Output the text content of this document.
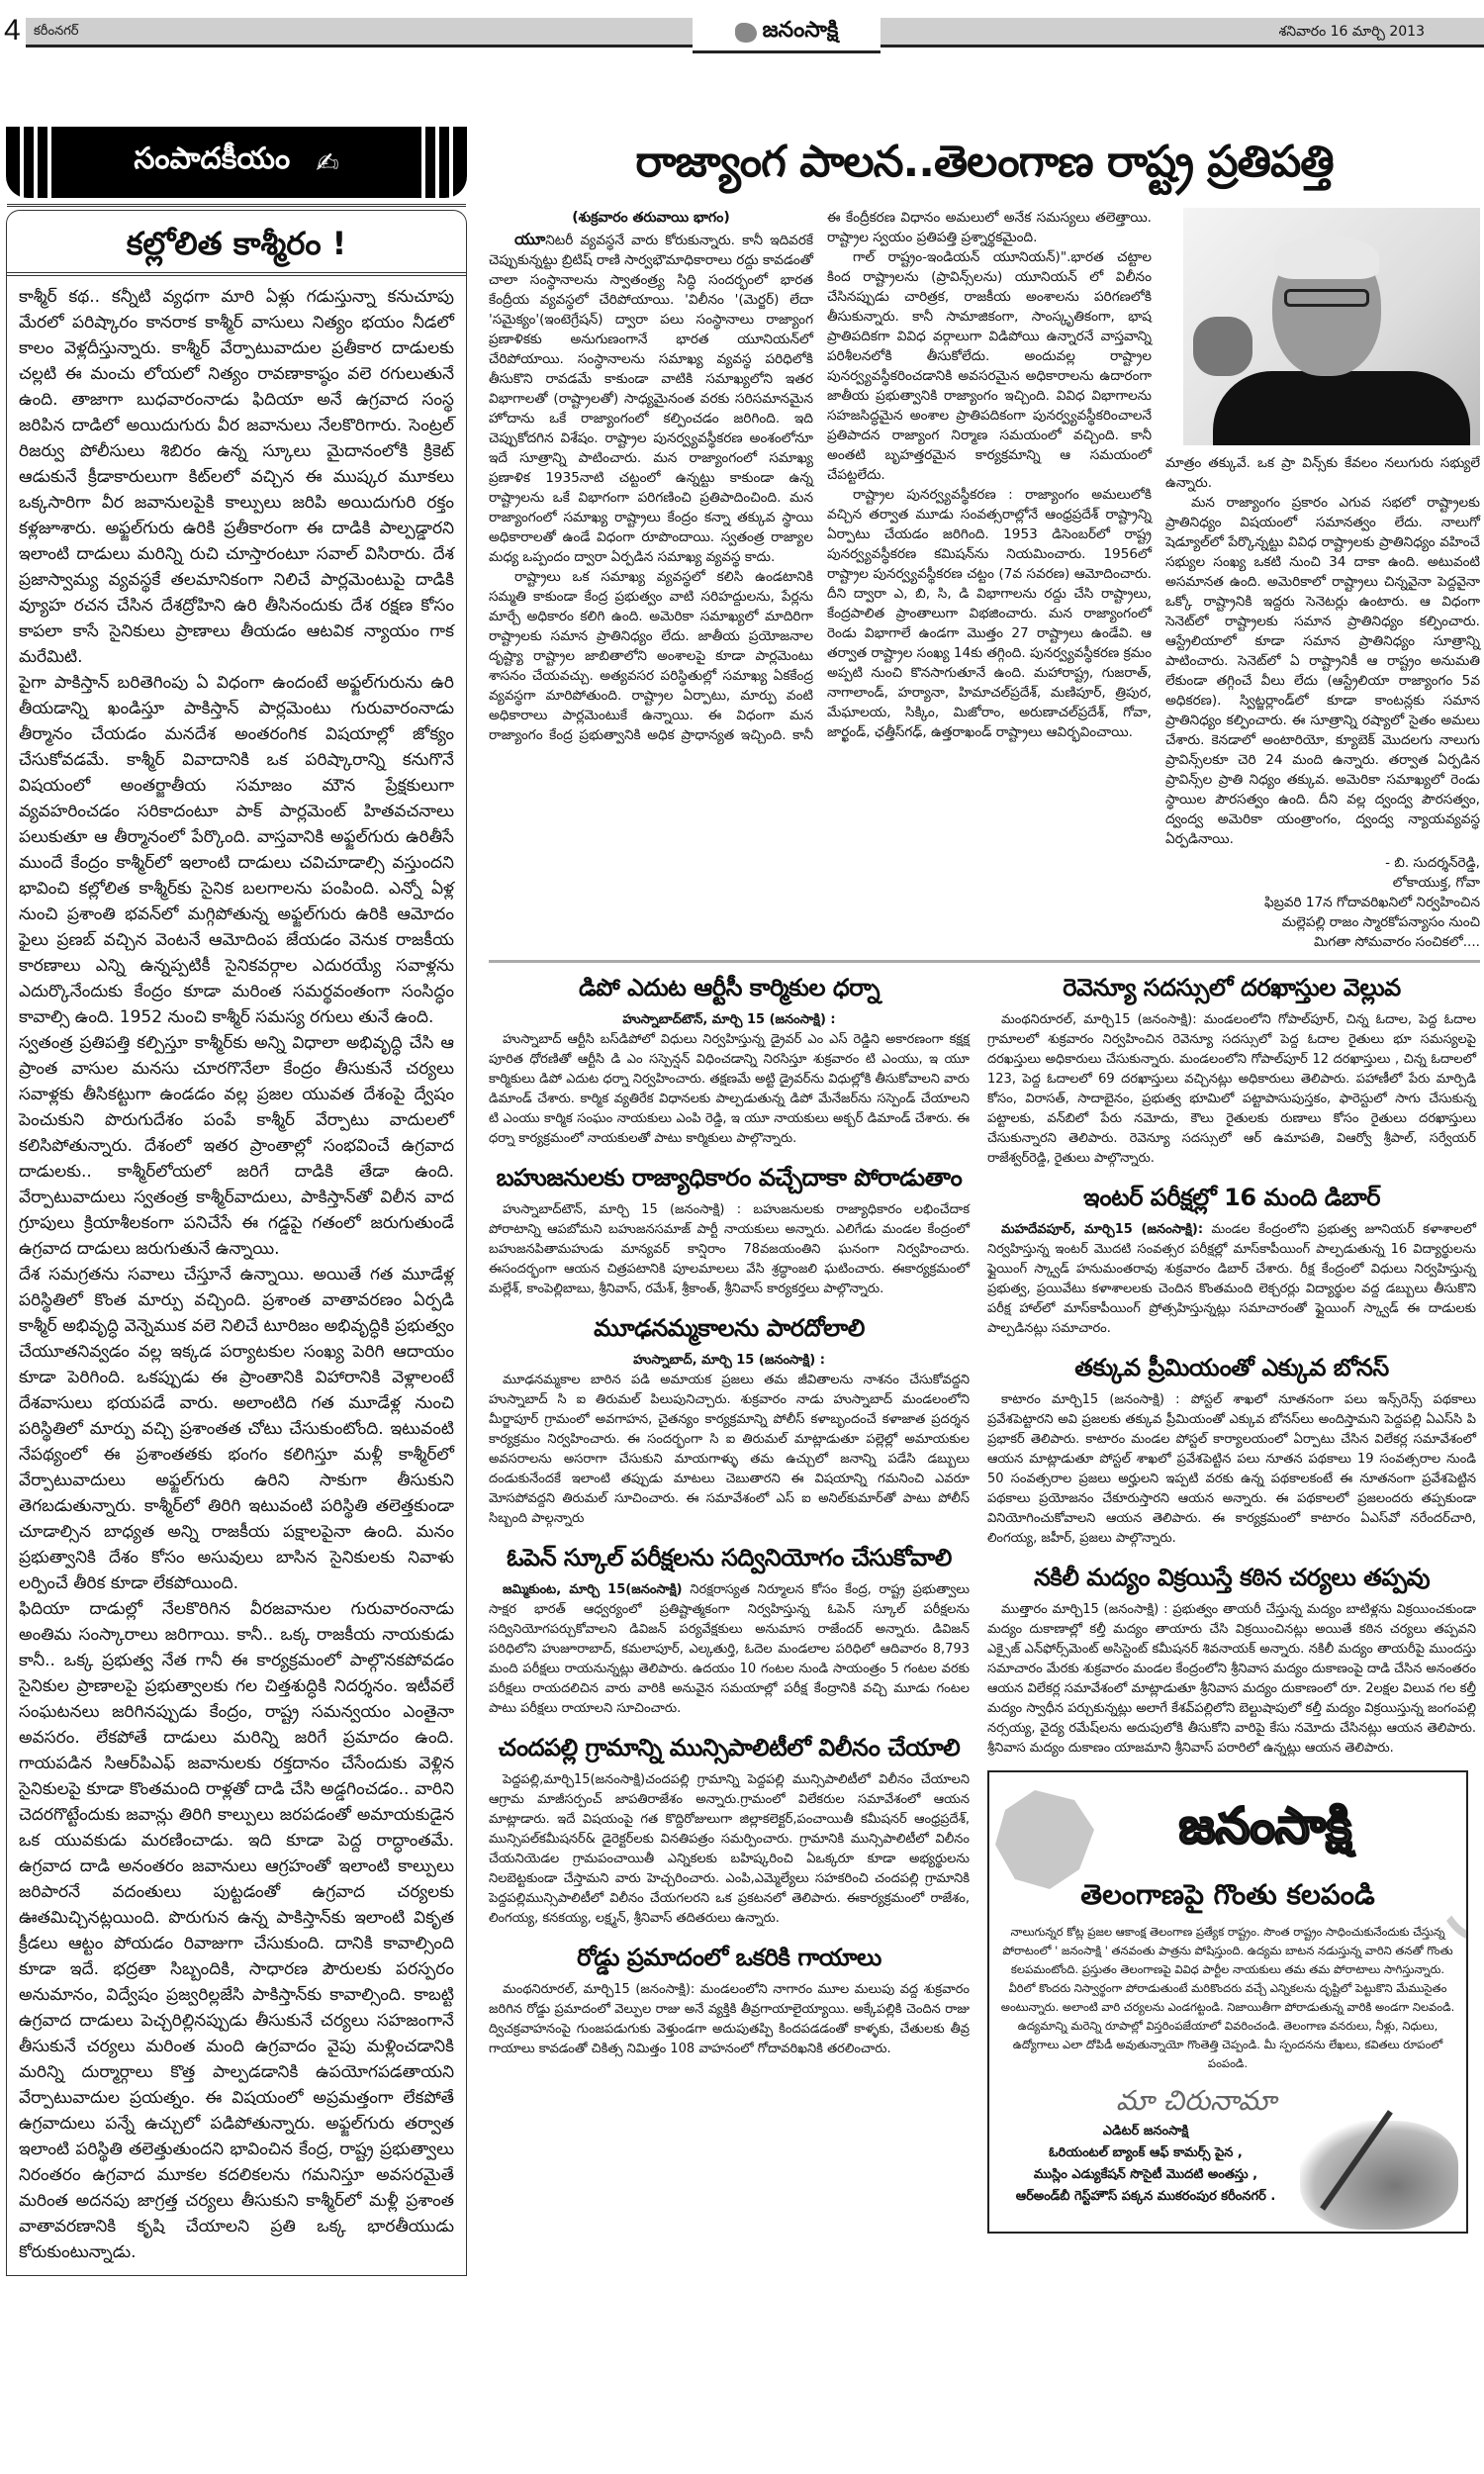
4 కరీంనగర్	జనంసాక్షి	శనివారం 16 మార్చి 2013
సంపాదకీయం ✍
కల్లోలిత కాశ్మీరం !

కాశ్మీర్ కథ.. కన్నీటి వ్యధగా మారి ఏళ్లు గడుస్తున్నా కనుచూపు మేరలో పరిష్కారం కానరాక కాశ్మీర్ వాసులు నిత్యం భయం నీడలో కాలం వెళ్లదీస్తున్నారు. కాశ్మీర్ వేర్పాటువాదుల ప్రతీకార దాడులకు చల్లటి ఈ మంచు లోయలో నిత్యం రావణాకాష్ఠం వలె రగులుతునే ఉంది. తాజాగా బుధవారంనాడు ఫిదియా అనే ఉగ్రవాద సంస్థ జరిపిన దాడిలో అయిదుగురు వీర జవానులు నేలకొరిగారు. సెంట్రల్ రిజర్వు పోలీసులు శిబిరం ఉన్న స్కూలు మైదానంలోకి క్రికెట్ ఆడుకునే క్రీడాకారులుగా కిట్‌లలో వచ్చిన ఈ ముష్కర మూకలు ఒక్కసారిగా వీర జవానులపైకి కాల్పులు జరిపి అయిదుగురి రక్తం కళ్లజూశారు. అఫ్జల్‌గురు ఉరికి ప్రతీకారంగా ఈ దాడికి పాల్పడ్డారని ఇలాంటి దాడులు మరిన్ని రుచి చూస్తారంటూ సవాల్ విసిరారు. దేశ ప్రజాస్వామ్య వ్యవస్థకే తలమానికంగా నిలిచే పార్లమెంటుపై దాడికి వ్యూహ రచన చేసిన దేశద్రోహిని ఉరి తీసినందుకు దేశ రక్షణ కోసం కాపలా కాసే సైనికులు ప్రాణాలు తీయడం ఆటవిక న్యాయం గాక మరేమిటి.

పైగా పాకిస్తాన్ బరితెగింపు ఏ విధంగా ఉందంటే అఫ్జల్‌గురును ఉరి తీయడాన్ని ఖండిస్తూ పాకిస్తాన్ పార్లమెంటు గురువారంనాడు తీర్మానం చేయడం మనదేశ అంతరంగిక విషయాల్లో జోక్యం చేసుకోవడమే. కాశ్మీర్ వివాదానికి ఒక పరిష్కారాన్ని కనుగొనే విషయంలో అంతర్జాతీయ సమాజం మౌన ప్రేక్షకులుగా వ్యవహరించడం సరికాదంటూ పాక్ పార్లమెంట్ హితవచనాలు పలుకుతూ ఆ తీర్మానంలో పేర్కొంది. వాస్తవానికి అఫ్జల్‌గురు ఉరితీసే ముందే కేంద్రం కాశ్మీర్‌లో ఇలాంటి దాడులు చవిచూడాల్సి వస్తుందని భావించి కల్లోలిత కాశ్మీర్‌కు సైనిక బలగాలను పంపింది. ఎన్నో ఏళ్ల నుంచి ప్రశాంతి భవన్‌లో మగ్గిపోతున్న అఫ్జల్‌గురు ఉరికి ఆమోదం ఫైలు ప్రణబ్ వచ్చిన వెంటనే ఆమోదింప జేయడం వెనుక రాజకీయ కారణాలు ఎన్ని ఉన్నప్పటికీ సైనికవర్గాల ఎదురయ్యే సవాళ్లను ఎదుర్కొనేందుకు కేంద్రం కూడా మరింత సమర్థవంతంగా సంసిద్ధం కావాల్సి ఉంది. 1952 నుంచి కాశ్మీర్ సమస్య రగులు తునే ఉంది.

స్వతంత్ర ప్రతిపత్తి కల్పిస్తూ కాశ్మీర్‌కు అన్ని విధాలా అభివృద్ధి చేసి ఆ ప్రాంత వాసుల మనసు చూరగొనేలా కేంద్రం తీసుకునే చర్యలు సవాళ్లకు తీసికట్టుగా ఉండడం వల్ల ప్రజల యువత దేశంపై ద్వేషం పెంచుకుని పొరుగుదేశం పంపే కాశ్మీర్ వేర్పాటు వాదులలో కలిసిపోతున్నారు. దేశంలో ఇతర ప్రాంతాల్లో సంభవించే ఉగ్రవాద దాడులకు.. కాశ్మీర్‌లోయలో జరిగే దాడికి తేడా ఉంది. వేర్పాటువాదులు స్వతంత్ర కాశ్మీర్‌వాదులు, పాకిస్తాన్‌తో విలీన వాద గ్రూపులు క్రియాశీలకంగా పనిచేసే ఈ గడ్డపై గతంలో జరుగుతుండే ఉగ్రవాద దాడులు జరుగుతునే ఉన్నాయి.

దేశ సమగ్రతను సవాలు చేస్తూనే ఉన్నాయి. అయితే గత మూడేళ్ల పరిస్థితిలో కొంత మార్పు వచ్చింది. ప్రశాంత వాతావరణం ఏర్పడి కాశ్మీర్ అభివృద్ధి వెన్నెముక వలె నిలిచే టూరిజం అభివృద్ధికి ప్రభుత్వం చేయూతనివ్వడం వల్ల ఇక్కడ పర్యాటకుల సంఖ్య పెరిగి ఆదాయం కూడా పెరిగింది. ఒకప్పుడు ఈ ప్రాంతానికి విహారానికి వెళ్లాలంటే దేశవాసులు భయపడే వారు. అలాంటిది గత మూడేళ్ల నుంచి పరిస్థితిలో మార్పు వచ్చి ప్రశాంతత చోటు చేసుకుంటోంది. ఇటువంటి నేపథ్యంలో ఈ ప్రశాంతతకు భంగం కలిగిస్తూ మళ్లీ కాశ్మీర్‌లో వేర్పాటువాదులు అఫ్జల్‌గురు ఉరిని సాకుగా తీసుకుని తెగబడుతున్నారు. కాశ్మీర్‌లో తిరిగి ఇటువంటి పరిస్థితి తలెత్తకుండా చూడాల్సిన బాధ్యత అన్ని రాజకీయ పక్షాలపైనా ఉంది. మనం ప్రభుత్వానికి దేశం కోసం అసువులు బాసిన సైనికులకు నివాళు లర్పించే తీరిక కూడా లేకపోయింది.

ఫిదియా దాడుల్లో నేలకొరిగిన వీరజవానుల గురువారంనాడు అంతిమ సంస్కారాలు జరిగాయి. కానీ.. ఒక్క రాజకీయ నాయకుడు కానీ.. ఒక్క ప్రభుత్వ నేత గానీ ఈ కార్యక్రమంలో పాల్గొనకపోవడం సైనికుల ప్రాణాలపై ప్రభుత్వాలకు గల చిత్తశుద్ధికి నిదర్శనం. ఇటీవలే సంఘటనలు జరిగినప్పుడు కేంద్రం, రాష్ట్ర సమన్వయం ఎంతైనా అవసరం. లేకపోతే దాడులు మరిన్ని జరిగే ప్రమాదం ఉంది. గాయపడిన సిఆర్‌పిఎఫ్ జవానులకు రక్తదానం చేసేందుకు వెళ్లిన సైనికులపై కూడా కొంతమంది రాళ్లతో దాడి చేసి అడ్డగించడం.. వారిని చెదరగొట్టేందుకు జవాన్లు తిరిగి కాల్పులు జరపడంతో అమాయకుడైన ఒక యువకుడు మరణించాడు. ఇది కూడా పెద్ద రాద్ధాంతమే. ఉగ్రవాద దాడి అనంతరం జవానులు ఆగ్రహంతో ఇలాంటి కాల్పులు జరిపారనే వదంతులు పుట్టడంతో ఉగ్రవాద చర్యలకు ఊతమిచ్చినట్లయింది. పొరుగున ఉన్న పాకిస్తాన్‌కు ఇలాంటి వికృత క్రీడలు ఆట్టం పోయడం రివాజుగా చేసుకుంది. దానికి కావాల్సింది కూడా ఇదే. భద్రతా సిబ్బందికి, సాధారణ పౌరులకు పరస్పరం అనుమానం, విద్వేషం ప్రజ్వరిల్లజేసి పాకిస్తాన్‌కు కావాల్సింది. కాబట్టి ఉగ్రవాద దాడులు పెచ్చరిల్లినప్పుడు తీసుకునే చర్యలు సహజంగానే తీసుకునే చర్యలు మరింత మంది ఉగ్రవాదం వైపు మళ్లించడానికి మరిన్ని దుర్మార్గాలు కొత్త పాల్పడడానికి ఉపయోగపడతాయని వేర్పాటువాదుల ప్రయత్నం. ఈ విషయంలో అప్రమత్తంగా లేకపోతే ఉగ్రవాదులు పన్నే ఉచ్చులో పడిపోతున్నారు. అఫ్జల్‌గురు తర్వాత ఇలాంటి పరిస్థితి తలెత్తుతుందని భావించిన కేంద్ర, రాష్ట్ర ప్రభుత్వాలు నిరంతరం ఉగ్రవాద మూకల కదలికలను గమనిస్తూ అవసరమైతే మరింత అదనపు జాగ్రత్త చర్యలు తీసుకుని కాశ్మీర్‌లో మళ్లీ ప్రశాంత వాతావరణానికి కృషి చేయాలని ప్రతి ఒక్క భారతీయుడు కోరుకుంటున్నాడు.

రాజ్యాంగ పాలన..తెలంగాణ రాష్ట్ర ప్రతిపత్తి
(శుక్రవారం తరువాయి భాగం)

యూనిటరీ వ్యవస్థనే వారు కోరుకున్నారు. కానీ ఇదివరకే చెప్పుకున్నట్టు బ్రిటిష్ రాణి సార్వభౌమాధికారాలు రద్దు కావడంతో చాలా సంస్థానాలను స్వాతంత్ర్య సిద్ధి సందర్భంలో భారత కేంద్రీయ వ్యవస్థలో చేరిపోయాయి. 'విలీనం '(మెర్జర్) లేదా 'సమైక్యం'(ఇంటెగ్రేషన్) ద్వారా పలు సంస్థానాలు రాజ్యాంగ ప్రణాళికకు అనుగుణంగానే భారత యూనియన్‌లో చేరిపోయాయి. సంస్థానాలను సమాఖ్య వ్యవస్థ పరిధిలోకి తీసుకొని రావడమే కాకుండా వాటికి సమాఖ్యలోని ఇతర విభాగాలతో (రాష్ట్రాలతో) సాధ్యమైనంత వరకు సరిసమానమైన హోదాను ఒకే రాజ్యాంగంలో కల్పించడం జరిగింది. ఇది చెప్పుకోదగిన విశేషం. రాష్ట్రాల పునర్వ్యవస్థీకరణ అంశంలోనూ ఇదే సూత్రాన్ని పాటించారు. మన రాజ్యాంగంలో సమాఖ్య ప్రణాళిక 1935నాటి చట్టంలో ఉన్నట్టు కాకుండా ఉన్న రాష్ట్రాలను ఒకే విభాగంగా పరిగణించి ప్రతిపాదించింది. మన రాజ్యాంగంలో సమాఖ్య రాష్ట్రాలు కేంద్రం కన్నా తక్కువ స్థాయి అధికారాలతో ఉండే విధంగా రూపొందాయి. స్వతంత్ర రాజ్యాల మధ్య ఒప్పందం ద్వారా ఏర్పడిన సమాఖ్య వ్యవస్థ కాదు.

రాష్ట్రాలు ఒక సమాఖ్య వ్యవస్థలో కలిసి ఉండటానికి సమ్మతి కాకుండా కేంద్ర ప్రభుత్వం వాటి సరిహద్దులను, పేర్లను మార్చే అధికారం కలిగి ఉంది. అమెరికా సమాఖ్యలో మాదిరిగా రాష్ట్రాలకు సమాన ప్రాతినిధ్యం లేదు. జాతీయ ప్రయోజనాల దృష్ట్యా రాష్ట్రాల జాబితాలోని అంశాలపై కూడా పార్లమెంటు శాసనం చేయవచ్చు. అత్యవసర పరిస్థితుల్లో సమాఖ్య ఏకకేంద్ర వ్యవస్థగా మారిపోతుంది. రాష్ట్రాల ఏర్పాటు, మార్పు వంటి అధికారాలు పార్లమెంటుకే ఉన్నాయి. ఈ విధంగా మన రాజ్యాంగం కేంద్ర ప్రభుత్వానికి అధిక ప్రాధాన్యత ఇచ్చింది. కానీ ఈ కేంద్రీకరణ విధానం అమలులో అనేక సమస్యలు తలెత్తాయి. రాష్ట్రాల స్వయం ప్రతిపత్తి ప్రశ్నార్థకమైంది.

గాల్ రాష్ట్రం-ఇండియన్ యూనియన్)".భారత చట్టాల కింద రాష్ట్రాలను (ప్రావిన్స్‌లను) యూనియన్ లో విలీనం చేసినప్పుడు చారిత్రక, రాజకీయ అంశాలను పరిగణలోకి తీసుకున్నారు. కానీ సామాజికంగా, సాంస్కృతికంగా, భాష ప్రాతిపదికగా వివిధ వర్గాలుగా విడిపోయి ఉన్నారనే వాస్తవాన్ని పరిశీలనలోకి తీసుకోలేదు. అందువల్ల రాష్ట్రాల పునర్వ్యవస్థీకరించడానికి అవసరమైన అధికారాలను ఉదారంగా జాతీయ ప్రభుత్వానికి రాజ్యాంగం ఇచ్చింది. వివిధ విభాగాలను సహజసిద్ధమైన అంశాల ప్రాతిపదికంగా పునర్వ్యవస్థీకరించాలనే ప్రతిపాదన రాజ్యాంగ నిర్మాణ సమయంలో వచ్చింది. కానీ అంతటి బృహత్తరమైన కార్యక్రమాన్ని ఆ సమయంలో చేపట్టలేదు.

రాష్ట్రాల పునర్వ్యవస్థీకరణ : రాజ్యాంగం అమలులోకి వచ్చిన తర్వాత మూడు సంవత్సరాల్లోనే ఆంధ్రప్రదేశ్ రాష్ట్రాన్ని ఏర్పాటు చేయడం జరిగింది. 1953 డిసెంబర్‌లో రాష్ట్ర పునర్వ్యవస్థీకరణ కమిషన్‌ను నియమించారు. 1956లో రాష్ట్రాల పునర్వ్యవస్థీకరణ చట్టం (7వ సవరణ) ఆమోదించారు. దీని ద్వారా ఎ, బి, సి, డి విభాగాలను రద్దు చేసి రాష్ట్రాలు, కేంద్రపాలిత ప్రాంతాలుగా విభజించారు. మన రాజ్యాంగంలో రెండు విభాగాలే ఉండగా మొత్తం 27 రాష్ట్రాలు ఉండేవి. ఆ తర్వాత రాష్ట్రాల సంఖ్య 14కు తగ్గింది. పునర్వ్యవస్థీకరణ క్రమం అప్పటి నుంచి కొనసాగుతూనే ఉంది. మహారాష్ట్ర, గుజరాత్, నాగాలాండ్, హర్యానా, హిమాచల్‌ప్రదేశ్, మణిపూర్, త్రిపుర, మేఘాలయ, సిక్కిం, మిజోరాం, అరుణాచల్‌ప్రదేశ్, గోవా, జార్ఖండ్, ఛత్తీస్‌గఢ్, ఉత్తరాఖండ్ రాష్ట్రాలు ఆవిర్భవించాయి.

మాత్రం తక్కువే. ఒక ప్రా విన్స్‌కు కేవలం నలుగురు సభ్యులే ఉన్నారు.

మన రాజ్యాంగం ప్రకారం ఎగువ సభలో రాష్ట్రాలకు ప్రాతినిధ్యం విషయంలో సమానత్వం లేదు. నాలుగో షెడ్యూల్‌లో పేర్కొన్నట్టు వివిధ రాష్ట్రాలకు ప్రాతినిధ్యం వహించే సభ్యుల సంఖ్య ఒకటి నుంచి 34 దాకా ఉంది. అటువంటి అసమానత ఉంది. అమెరికాలో రాష్ట్రాలు చిన్నవైనా పెద్దవైనా ఒక్కో రాష్ట్రానికి ఇద్దరు సెనెటర్లు ఉంటారు. ఆ విధంగా సెనెట్‌లో రాష్ట్రాలకు సమాన ప్రాతినిధ్యం కల్పించారు. ఆస్ట్రేలియాలో కూడా సమాన ప్రాతినిధ్యం సూత్రాన్ని పాటించారు. సెనెట్‌లో ఏ రాష్ట్రానికీ ఆ రాష్ట్రం అనుమతి లేకుండా తగ్గించే వీలు లేదు (ఆస్ట్రేలియా రాజ్యాంగం 5వ అధికరణ). స్విట్జర్లాండ్‌లో కూడా కాంటన్లకు సమాన ప్రాతినిధ్యం కల్పించారు. ఈ సూత్రాన్ని రష్యాలో సైతం అమలు చేశారు. కెనడాలో అంటారియో, క్యూబెక్ మొదలగు నాలుగు ప్రావిన్స్‌లకూ చెరి 24 మంది ఉన్నారు. తర్వాత ఏర్పడిన ప్రావిన్స్‌ల ప్రాతి నిధ్యం తక్కువ. అమెరికా సమాఖ్యలో రెండు స్థాయిల పౌరసత్వం ఉంది. దీని వల్ల ద్వంద్వ పౌరసత్వం, ద్వంద్వ అమెరికా యంత్రాంగం, ద్వంద్వ న్యాయవ్యవస్థ ఏర్పడినాయి.

- బి. సుదర్శన్‌రెడ్డి,
లోకాయుక్త, గోవా
ఫిబ్రవరి 17న గోదావరిఖనిలో నిర్వహించిన
మల్లెపల్లి రాజం స్మారకోపన్యాసం నుంచి
మిగతా సోమవారం సంచికలో....
డిపో ఎదుట ఆర్టీసీ కార్మికుల ధర్నా
హుస్నాబాద్‌టౌన్, మార్చి 15 (జనంసాక్షి) :

హుస్నాబాద్ ఆర్టీసి బస్‌డిపోలో విధులు నిర్వహిస్తున్న డ్రైవర్ ఎం ఎస్ రెడ్డిని అకారణంగా కక్షక్ష పూరిత ధోరణితో ఆర్టీసి డి ఎం సస్పెన్షన్ విధించడాన్ని నిరసిస్తూ శుక్రవారం టి ఎంయు, ఇ యూ కార్మికులు డిపో ఎదుట ధర్నా నిర్వహించారు. తక్షణమే అట్టి డ్రైవర్‌ను విధుల్లోకి తీసుకోవాలని వారు డిమాండ్ చేశారు. కార్మిక వ్యతిరేక విధానలకు పాల్పడుతున్న డిపో మేనేజర్‌ను సస్పెండ్ చేయాలని టి ఎంయు కార్మిక సంఘం నాయకులు ఎంపి రెడ్డి, ఇ యూ నాయకులు అక్బర్ డిమాండ్ చేశారు. ఈ ధర్నా కార్యక్రమంలో నాయకులతో పాటు కార్మికులు పాల్గొన్నారు.

బహుజనులకు రాజ్యాధికారం వచ్చేదాకా పోరాడుతాం

హుస్నాబాద్‌టౌన్, మార్చి 15 (జనంసాక్షి) : బహుజనులకు రాజ్యాధికారం లభించేదాక పోరాటాన్ని ఆపబోమని బహుజనసమాజ్ పార్టీ నాయకులు అన్నారు. ఎలిగేడు మండల కేంద్రంలో బహుజనపితామహుడు మాన్యవర్ కాన్షిరాం 78వజయంతిని ఘనంగా నిర్వహించారు. ఈసందర్భంగా ఆయన చిత్రపటానికి పూలమాలలు వేసి శ్రద్ధాంజలి ఘటించారు. ఈకార్యక్రమంలో మల్లేశ్, కాంపెల్లిబాబు, శ్రీనివాస్, రమేశ్, శ్రీకాంత్, శ్రీనివాస్ కార్యకర్తలు పాల్గొన్నారు.

మూఢనమ్మకాలను పారదోలాలి
హుస్నాబాద్, మార్చి 15 (జనంసాక్షి) :

మూఢనమ్మకాల బారిన పడి అమాయక ప్రజలు తమ జీవితాలను నాశనం చేసుకోవద్దని హుస్నాబాద్ సి ఐ తిరుమల్ పిలుపునిచ్చారు. శుక్రవారం నాడు హుస్నాబాద్ మండలంలోని మీర్జాపూర్ గ్రామంలో అవగాహన, చైతన్యం కార్యక్రమాన్ని పోలీస్ కళాబృందంచే కళాజాత ప్రదర్శన కార్యక్రమం నిర్వహించారు. ఈ సందర్భంగా సి ఐ తిరుమల్ మాట్లాడుతూ పల్లెల్లో అమాయకుల అవసరాలను అసరాగా చేసుకుని మాయగాళ్ళు తమ ఉచ్చులో జనాన్ని పడేసి డబ్బులు దండుకునేందకే ఇలాంటి తప్పుడు మాటలు చెబుతారని ఈ విషయాన్ని గమనించి ఎవరూ మోసపోవద్దని తిరుమల్ సూచించారు. ఈ సమావేశంలో ఎస్ ఐ అనిల్‌కుమార్‌తో పాటు పోలీస్ సిబ్బంది పాల్గన్నారు

ఓపెన్ స్కూల్ పరీక్షలను సద్వినియోగం చేసుకోవాలి

జమ్మికుంట, మార్చి 15(జనంసాక్షి) నిరక్షరాస్యత నిర్మూలన కోసం కేంద్ర, రాష్ట్ర ప్రభుత్వాలు సాక్షర భారత్ ఆధ్వర్యంలో ప్రతిష్టాత్మకంగా నిర్వహిస్తున్న ఓపెన్ స్కూల్ పరీక్షలను సద్వినియోగపర్చుకోవాలని డివిజన్ పర్యవేక్షకులు అనుమాస రాజేందర్ అన్నారు. డివిజన్ పరిధిలోని హుజూరాబాద్, కమలాపూర్, ఎల్కతుర్తి, ఓదెల మండలాల పరిధిలో ఆదివారం 8,793 మంది పరీక్షలు రాయనున్నట్లు తెలిపారు. ఉదయం 10 గంటల నుండి సాయంత్రం 5 గంటల వరకు పరీక్షలు రాయదలిచిన వారు వారికి అనువైన సమయాల్లో పరీక్ష కేంద్రానికి వచ్చి మూడు గంటల పాటు పరీక్షలు రాయాలని సూచించారు.

చందపల్లి గ్రామాన్ని మున్సిపాలిటీలో విలీనం చేయాలి

పెద్దపల్లి,మార్చి15(జనంసాక్షి)చందపల్లి గ్రామాన్ని పెద్దపల్లి మున్సిపాలిటీలో విలీనం చేయాలని ఆగ్రామ మాజీసర్పంచ్ జాపతిరాజేశం అన్నారు.గ్రామంలో విలేకరుల సమావేశంలో ఆయన మాట్లాడారు. ఇదే విషయంపై గత కొద్దిరోజులుగా జిల్లాకలెక్టర్,పంచాయితీ కమీషనర్ ఆంధ్రప్రదేశ్, మున్సిపల్‌కమీషనర్& డైరెక్టర్‌లకు వినతిపత్రం సమర్పించారు. గ్రామానికి మున్సిపాలిటీలో విలీనం చేయనియెడల గ్రామపంచాయితీ ఎన్నికలకు బహిష్కరించి ఏఒక్కరూ కూడా అభ్యర్థులను నిలబెట్టకుండా చేస్తామని వారు హెచ్చరించారు. ఎంపి,ఎమ్మెల్యేలు సహకరించి చందపల్లి గ్రామానికి పెద్దపల్లిమున్సిపాలిటీలో విలీనం చేయగలరని ఒక ప్రకటనలో తెలిపారు. ఈకార్యక్రమంలో రాజేశం, లింగయ్య, కనకయ్య, లక్ష్మన్, శ్రీనివాస్ తదితరులు ఉన్నారు.

రోడ్డు ప్రమాదంలో ఒకరికి గాయాలు

మంథనిరూరల్, మార్చి15 (జనంసాక్షి): మండలంలోని నాగారం మూల మలుపు వద్ద శుక్రవారం జరిగిన రోడ్డు ప్రమాదంలో వెల్పుల రాజు అనే వ్యక్తికి తీవ్రగాయాలైయ్యాయి. అక్కేపల్లికి చెందిన రాజు ద్విచక్రవాహనంపై గుంజపడుగుకు వెళ్తుండగా అదుపుతప్పి కిందపడడంతో కాళ్ళకు, చేతులకు తీవ్ర గాయాలు కావడంతో చికిత్స నిమిత్తం 108 వాహనంలో గోదావరిఖనికి తరలించారు.

రెవెన్యూ సదస్సులో దరఖాస్తుల వెల్లువ

మంథనిరూరల్, మార్చి15 (జనంసాక్షి): మండలంలోని గోపాల్‌పూర్, చిన్న ఓదాల, పెద్ద ఓదాల గ్రామాలలో శుక్రవారం నిర్వహించిన రెవెన్యూ సదస్సులో పెద్ద ఓదాల రైతులు భూ సమస్యలపై దరఖస్తులు అధికారులు చేసుకున్నారు. మండలంలోని గోపాల్‌పూర్ 12 దరఖాస్తులు , చిన్న ఓదాలలో 123, పెద్ద ఓదాలలో 69 దరఖాస్తులు వచ్చినట్లు అధికారులు తెలిపారు. పహాణీలో పేరు మార్పిడి కోసం, విరాసత్, సాదాబైనం, ప్రభుత్వ భూమిలో పట్టాపాసుపుస్తకం, ఫారెస్టులో సాగు చేసుకున్న పట్టాలకు, వన్‌బిలో పేరు నమోదు, కౌలు రైతులకు రుణాలు కోసం రైతులు దరఖాస్తులు చేసుకున్నారని తెలిపారు. రెవెన్యూ సదస్సులో ఆర్ ఉమాపతి, విఆర్వో శ్రీపాల్, సర్వేయర్ రాజేశ్వర్‌రెడ్డి, రైతులు పాల్గొన్నారు.

ఇంటర్ పరీక్షల్లో 16 మంది డిబార్

మహదేవపూర్, మార్చి15 (జనంసాక్షి): మండల కేంద్రంలోని ప్రభుత్వ జూనియర్ కళాశాలలో నిర్వహిస్తున్న ఇంటర్ మొదటి సంవత్సర పరీక్షల్లో మాస్‌కాపీయింగ్ పాల్పడుతున్న 16 విద్యార్థులను ఫ్లైయింగ్ స్క్వాడ్ హనుమంతరావు శుక్రవారం డిబార్ చేశారు. రీక్ష కేంద్రంలో విధులు నిర్వహిస్తున్న ప్రభుత్వ, ప్రయివేటు కళాశాలలకు చెందిన కొంతమంది లెక్చరర్లు విద్యార్థుల వద్ద డబ్బులు తీసుకొని పరీక్ష హాల్‌లో మాస్‌కాపీయింగ్ ప్రోత్సహిస్తున్నట్లు సమాచారంతో ఫ్లైయింగ్ స్క్వాడ్ ఈ దాడులకు పాల్పడినట్లు సమాచారం.

తక్కువ ప్రీమియంతో ఎక్కువ బోనస్

కాటారం మార్చి15 (జనంసాక్షి) : పోస్టల్ శాఖలో నూతనంగా పలు ఇన్స్‌రెన్స్ పథకాలు ప్రవేశపెట్టారని అవి ప్రజలకు తక్కువ ప్రీమియంతో ఎక్కువ బోనస్‌లు అందిస్తామని పెద్దపల్లి ఏఎస్‌సి పి ప్రభాకర్ తెలిపారు. కాటారం మండల పోస్టల్ కార్యాలయంలో ఏర్పాటు చేసిన విలేకర్ల సమావేశంలో ఆయన మాట్లాడుతూ పోస్టల్ శాఖలో ప్రవేశపెట్టిన పలు నూతన పథకాలు 19 సంవత్సరాల నుండి 50 సంవత్సరాల ప్రజలు అర్హులని ఇప్పటి వరకు ఉన్న పథకాలకంటే ఈ నూతనంగా ప్రవేశపెట్టిన పథకాలు ప్రయోజనం చేకూరుస్తారని ఆయన అన్నారు. ఈ పథకాలలో ప్రజలందరు తప్పకుండా వినియోగించుకోవాలని ఆయన తెలిపారు. ఈ కార్యక్రమంలో కాటారం ఏఎస్‌వో నరేందర్‌చారి, లింగయ్య, జహీర్, ప్రజలు పాల్గొన్నారు.

నకిలీ మద్యం విక్రయిస్తే కఠిన చర్యలు తప్పవు

ముత్తారం మార్చి15 (జనంసాక్షి) : ప్రభుత్వం తాయరీ చేస్తున్న మద్యం బాటిళ్లను విక్రయించకుండా మద్యం దుకాణాల్లో కల్తీ మద్యం తాయారు చేసి విక్రయించినట్లు అయితే కఠిన చర్యలు తప్పవని ఎక్సైజ్ ఎన్‌ఫోర్స్‌మెంట్ అసిస్టెంట్ కమీషనర్ శివనాయక్ అన్నారు. నకిలీ మద్యం తాయరీపై ముందస్తు సమాచారం మేరకు శుక్రవారం మండల కేంద్రంలోని శ్రీనివాస మద్యం దుకాణంపై దాడి చేసిన అనంతరం ఆయన విలేకర్ల సమావేశంలో మాట్లాడుతూ శ్రీనివాస మద్యం దుకాణంలో రూ. 2లక్షల విలువ గల కల్తీ మద్యం స్వాధీన పర్చుకున్నట్లు అలాగే కేశవ్‌పల్లిలోని బెల్టుషాపులో కల్తీ మద్యం విక్రయిస్తున్న జంగంపల్లి నర్సయ్య, వైద్య రమేష్‌లను అదుపులోకి తీసుకోని వారిపై కేసు నమోదు చేసినట్లు ఆయన తెలిపారు. శ్రీనివాస మద్యం దుకాణం యాజమాని శ్రీనివాస్ పరారిలో ఉన్నట్లు ఆయన తెలిపారు.

జనంసాక్షి
తెలంగాణపై గొంతు కలపండి
నాలుగున్నర కోట్ల ప్రజల ఆకాంక్ష తెలంగాణ ప్రత్యేక రాష్ట్రం. సొంత రాష్ట్రం సాధించుకునేందుకు చేస్తున్న పోరాటంలో ' జనంసాక్షి ' తనవంతు పాత్రను పోషిస్తుంది. ఉద్యమ బాటన నడుస్తున్న వారిని తనతో గొంతు కలపమంటోంది. ప్రస్తుతం తెలంగాణపై వివిధ పార్టీల నాయకులు తమ తమ పోరాటాలు సాగిస్తున్నారు. వీరిలో కొందరు నిస్వార్థంగా పోరాడుతుంటే మరికొందరు వచ్చే ఎన్నికలను దృష్టిలో పెట్టుకొని మేముసైతం అంటున్నారు. అలాంటి వారి చర్యలను ఎండగట్టండి. నిజాయితీగా పోరాడుతున్న వారికి అండగా నిలవండి. ఉద్యమాన్ని మరెన్ని రూపాల్లో విస్తరింపజేయాలో వివరించండి. తెలంగాణ వనరులు, నీళ్లు, నిధులు, ఉద్యోగాలు ఎలా దోపిడీ అవుతున్నాయో గొంతెత్తి చెప్పండి. మీ స్పందనను లేఖలు, కవితలు రూపంలో పంపండి.
మా చిరునామా
ఎడిటర్ జనంసాక్షి
ఓరియంటల్ బ్యాంక్ ఆఫ్ కామర్స్ పైన ,
ముస్లిం ఎడ్యుకేషన్ సొసైటీ మొదటి అంతస్తు ,
ఆర్అండ్‌బీ గెస్ట్‌హౌస్ పక్కన ముకరంపుర కరీంనగర్ .
